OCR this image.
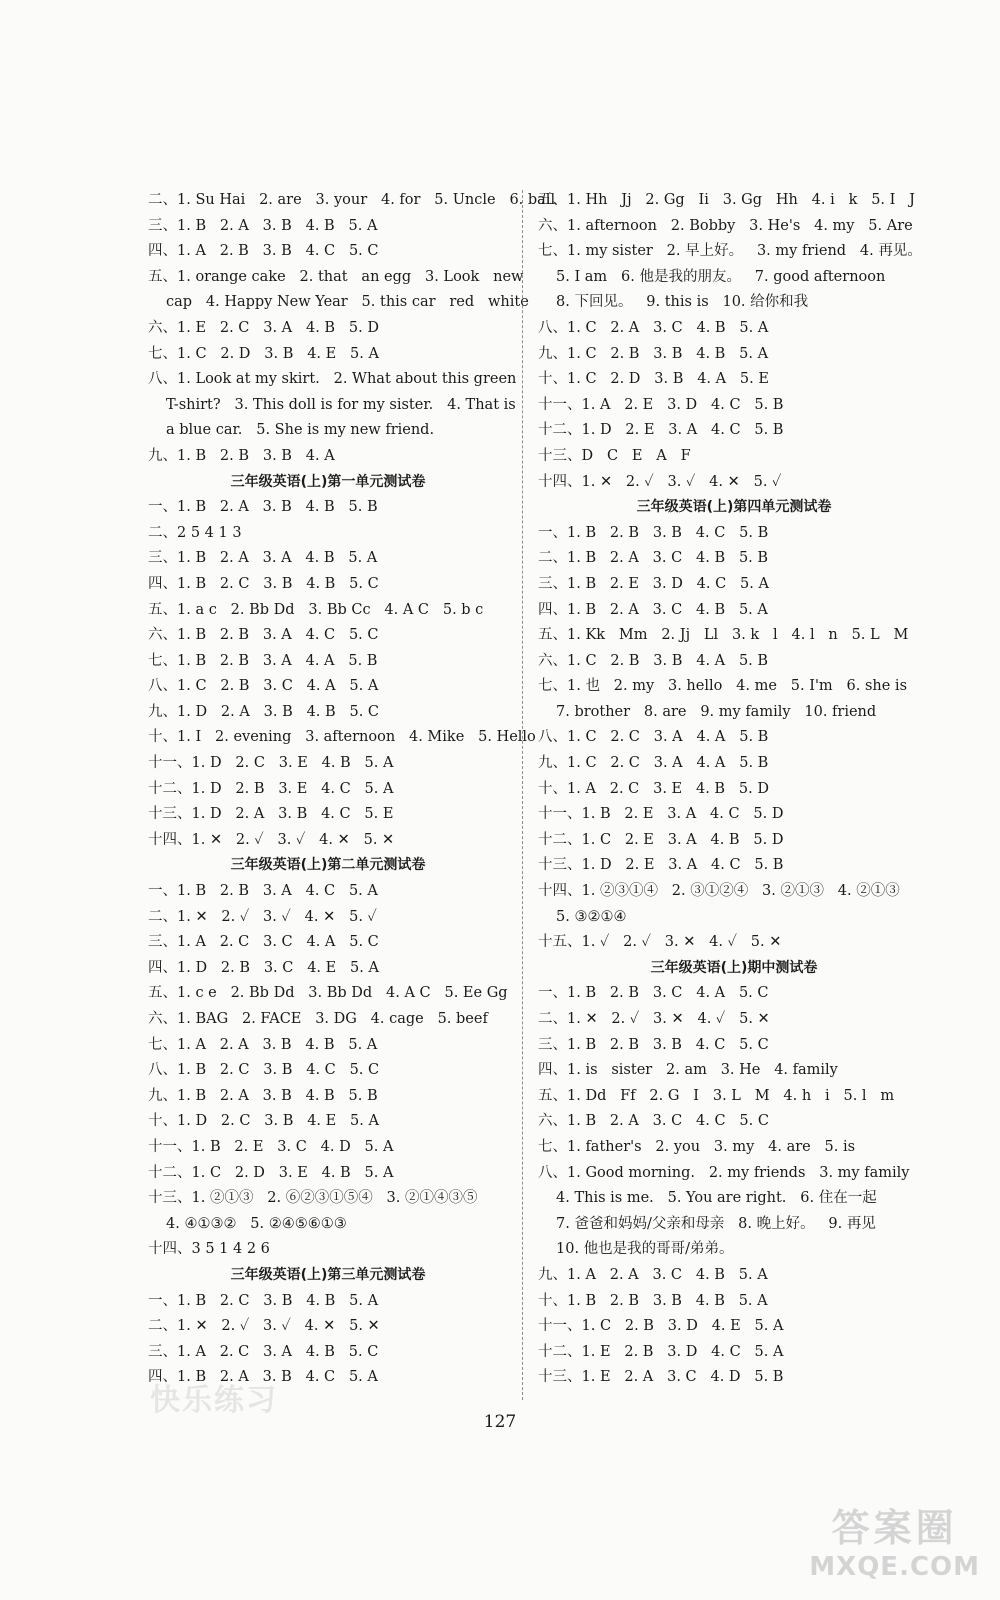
二、1. Su Hai   2. are   3. your   4. for   5. Uncle   6. ball
三、1. B   2. A   3. B   4. B   5. A
四、1. A   2. B   3. B   4. C   5. C
五、1. orange cake   2. that   an egg   3. Look   new
cap   4. Happy New Year   5. this car   red   white
六、1. E   2. C   3. A   4. B   5. D
七、1. C   2. D   3. B   4. E   5. A
八、1. Look at my skirt.   2. What about this green
T-shirt?   3. This doll is for my sister.   4. That is
a blue car.   5. She is my new friend.
九、1. B   2. B   3. B   4. A
三年级英语(上)第一单元测试卷
一、1. B   2. A   3. B   4. B   5. B
二、2 5 4 1 3
三、1. B   2. A   3. A   4. B   5. A
四、1. B   2. C   3. B   4. B   5. C
五、1. a c   2. Bb Dd   3. Bb Cc   4. A C   5. b c
六、1. B   2. B   3. A   4. C   5. C
七、1. B   2. B   3. A   4. A   5. B
八、1. C   2. B   3. C   4. A   5. A
九、1. D   2. A   3. B   4. B   5. C
十、1. I   2. evening   3. afternoon   4. Mike   5. Hello
十一、1. D   2. C   3. E   4. B   5. A
十二、1. D   2. B   3. E   4. C   5. A
十三、1. D   2. A   3. B   4. C   5. E
十四、1. ✕   2. ✓   3. ✓   4. ✕   5. ✕
三年级英语(上)第二单元测试卷
一、1. B   2. B   3. A   4. C   5. A
二、1. ✕   2. ✓   3. ✓   4. ✕   5. ✓
三、1. A   2. C   3. C   4. A   5. C
四、1. D   2. B   3. C   4. E   5. A
五、1. c e   2. Bb Dd   3. Bb Dd   4. A C   5. Ee Gg
六、1. BAG   2. FACE   3. DG   4. cage   5. beef
七、1. A   2. A   3. B   4. B   5. A
八、1. B   2. C   3. B   4. C   5. C
九、1. B   2. A   3. B   4. B   5. B
十、1. D   2. C   3. B   4. E   5. A
十一、1. B   2. E   3. C   4. D   5. A
十二、1. C   2. D   3. E   4. B   5. A
十三、1. ②①③   2. ⑥②③①⑤④   3. ②①④③⑤
4. ④①③②   5. ②④⑤⑥①③
十四、3 5 1 4 2 6
三年级英语(上)第三单元测试卷
一、1. B   2. C   3. B   4. B   5. A
二、1. ✕   2. ✓   3. ✓   4. ✕   5. ✕
三、1. A   2. C   3. A   4. B   5. C
四、1. B   2. A   3. B   4. C   5. A
五、1. Hh   Jj   2. Gg   Ii   3. Gg   Hh   4. i   k   5. I   J
六、1. afternoon   2. Bobby   3. He's   4. my   5. Are
七、1. my sister   2. 早上好。   3. my friend   4. 再见。
5. I am   6. 他是我的朋友。   7. good afternoon
8. 下回见。   9. this is   10. 给你和我
八、1. C   2. A   3. C   4. B   5. A
九、1. C   2. B   3. B   4. B   5. A
十、1. C   2. D   3. B   4. A   5. E
十一、1. A   2. E   3. D   4. C   5. B
十二、1. D   2. E   3. A   4. C   5. B
十三、D   C   E   A   F
十四、1. ✕   2. ✓   3. ✓   4. ✕   5. ✓
三年级英语(上)第四单元测试卷
一、1. B   2. B   3. B   4. C   5. B
二、1. B   2. A   3. C   4. B   5. B
三、1. B   2. E   3. D   4. C   5. A
四、1. B   2. A   3. C   4. B   5. A
五、1. Kk   Mm   2. Jj   Ll   3. k   l   4. l   n   5. L   M
六、1. C   2. B   3. B   4. A   5. B
七、1. 也   2. my   3. hello   4. me   5. I'm   6. she is
7. brother   8. are   9. my family   10. friend
八、1. C   2. C   3. A   4. A   5. B
九、1. C   2. C   3. A   4. A   5. B
十、1. A   2. C   3. E   4. B   5. D
十一、1. B   2. E   3. A   4. C   5. D
十二、1. C   2. E   3. A   4. B   5. D
十三、1. D   2. E   3. A   4. C   5. B
十四、1. ②③①④   2. ③①②④   3. ②①③   4. ②①③
5. ③②①④
十五、1. ✓   2. ✓   3. ✕   4. ✓   5. ✕
三年级英语(上)期中测试卷
一、1. B   2. B   3. C   4. A   5. C
二、1. ✕   2. ✓   3. ✕   4. ✓   5. ✕
三、1. B   2. B   3. B   4. C   5. C
四、1. is   sister   2. am   3. He   4. family
五、1. Dd   Ff   2. G   I   3. L   M   4. h   i   5. l   m
六、1. B   2. A   3. C   4. C   5. C
七、1. father's   2. you   3. my   4. are   5. is
八、1. Good morning.   2. my friends   3. my family
4. This is me.   5. You are right.   6. 住在一起
7. 爸爸和妈妈/父亲和母亲   8. 晚上好。   9. 再见
10. 他也是我的哥哥/弟弟。
九、1. A   2. A   3. C   4. B   5. A
十、1. B   2. B   3. B   4. B   5. A
十一、1. C   2. B   3. D   4. E   5. A
十二、1. E   2. B   3. D   4. C   5. A
十三、1. E   2. A   3. C   4. D   5. B
127
快乐练习
答案圈
MXQE.COM
